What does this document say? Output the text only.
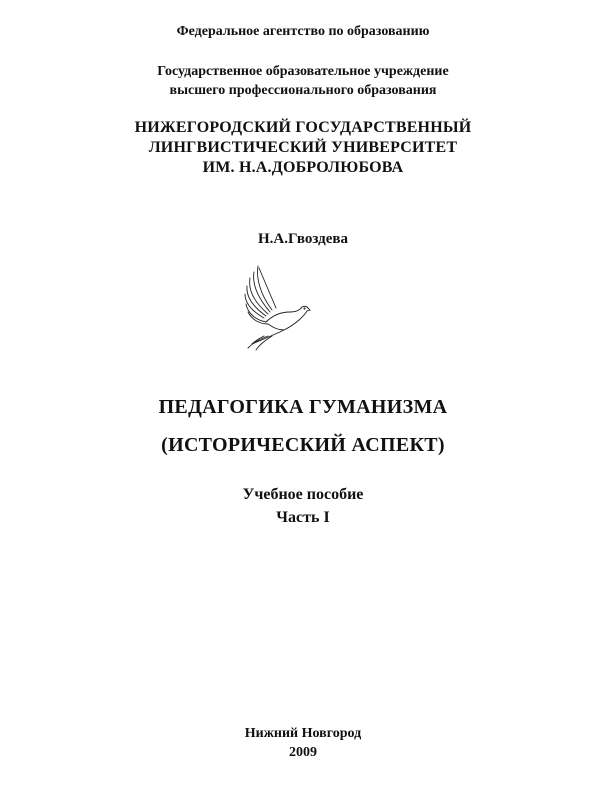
Федеральное агентство по образованию
Государственное образовательное учреждение
высшего профессионального образования
НИЖЕГОРОДСКИЙ ГОСУДАРСТВЕННЫЙ
ЛИНГВИСТИЧЕСКИЙ УНИВЕРСИТЕТ
ИМ. Н.А.ДОБРОЛЮБОВА
Н.А.Гвоздева
ПЕДАГОГИКА ГУМАНИЗМА
(ИСТОРИЧЕСКИЙ АСПЕКТ)
Учебное пособие
Часть I
Нижний Новгород
2009
